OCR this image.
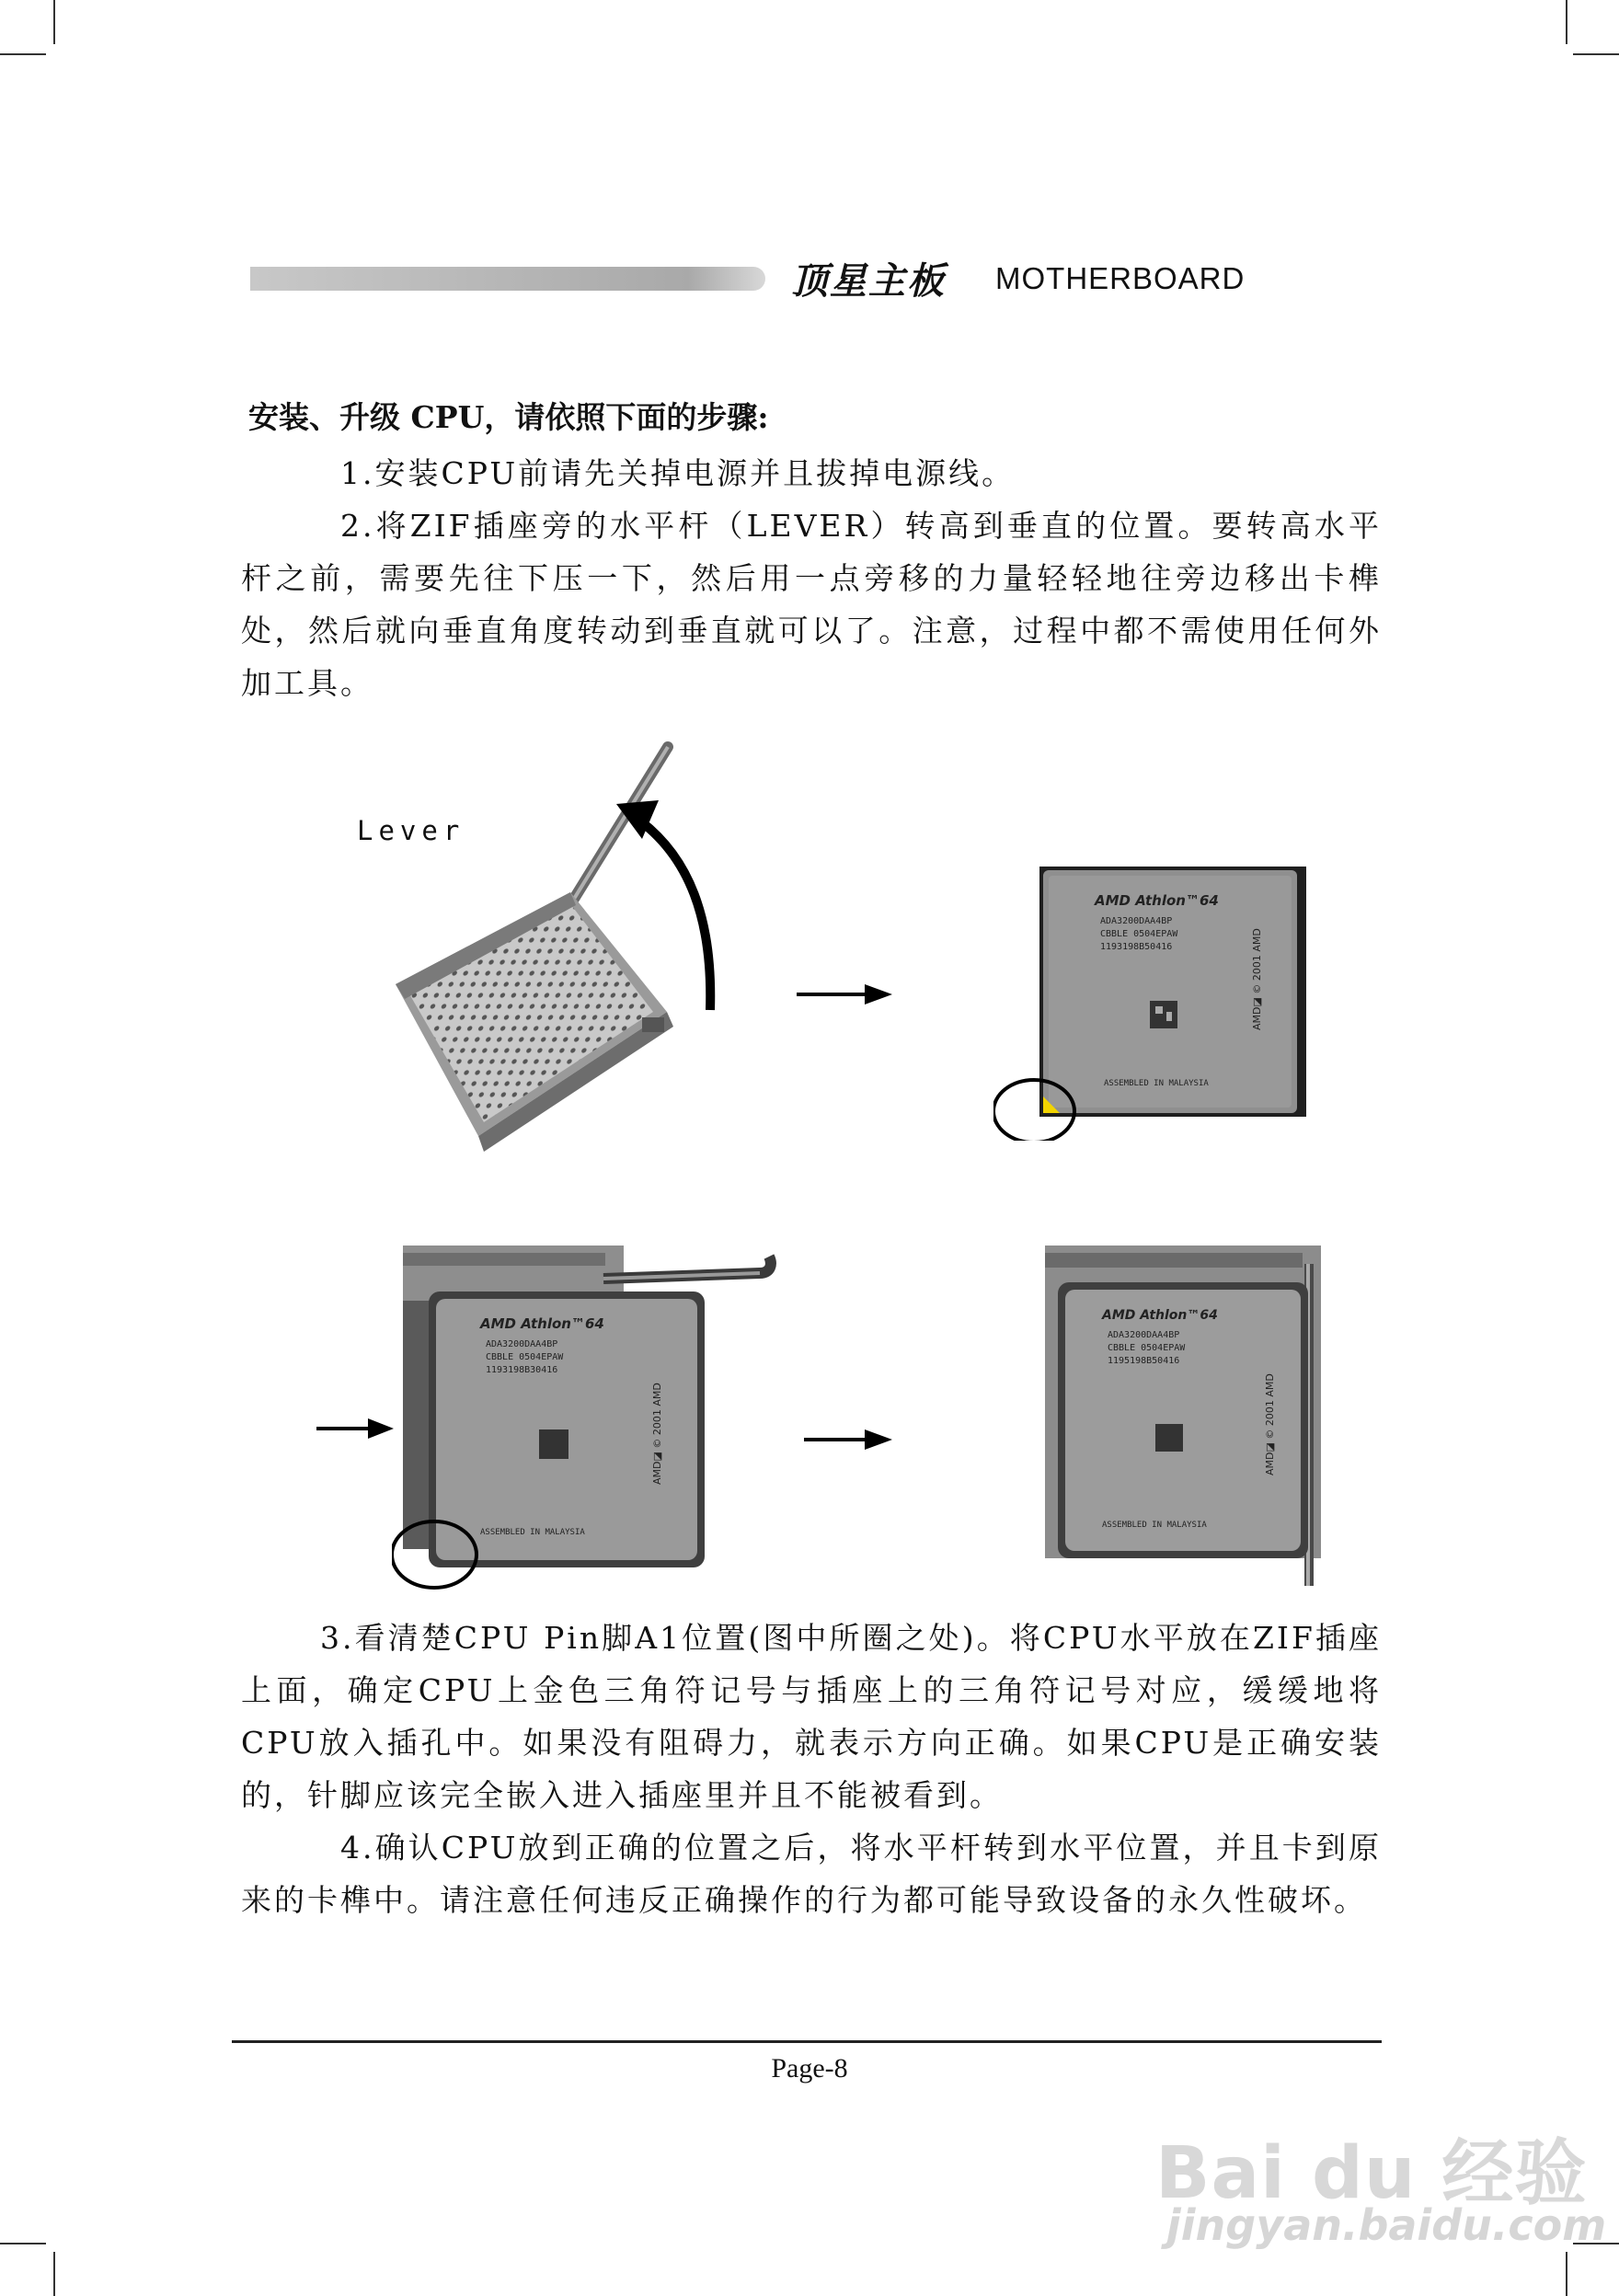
顶星主板 MOTHERBOARD
安装、升级 CPU，请依照下面的步骤:

1.安装CPU前请先关掉电源并且拔掉电源线。

2.将ZIF插座旁的水平杆（LEVER）转高到垂直的位置。要转高水平杆之前，需要先往下压一下，然后用一点旁移的力量轻轻地往旁边移出卡榫处，然后就向垂直角度转动到垂直就可以了。注意，过程中都不需使用任何外加工具。

Lever
AMD Athlon™64
ADA3200DAA4BP
CBBLE 0504EPAW
1193198B50416
ASSEMBLED IN MALAYSIA
AMD◪ © 2001 AMD
AMD Athlon™64
ADA3200DAA4BP
CBBLE 0504EPAW
1193198B30416
ASSEMBLED IN MALAYSIA
AMD◪ © 2001 AMD
AMD Athlon™64
ADA3200DAA4BP
CBBLE 0504EPAW
1195198B50416
ASSEMBLED IN MALAYSIA
AMD◪ © 2001 AMD

3.看清楚CPU Pin脚A1位置(图中所圈之处)。将CPU水平放在ZIF插座上面，确定CPU上金色三角符记号与插座上的三角符记号对应，缓缓地将CPU放入插孔中。如果没有阻碍力，就表示方向正确。如果CPU是正确安装的，针脚应该完全嵌入进入插座里并且不能被看到。

4.确认CPU放到正确的位置之后，将水平杆转到水平位置，并且卡到原来的卡榫中。请注意任何违反正确操作的行为都可能导致设备的永久性破坏。

Page-8
Bai du 经验
jingyan.baidu.com
